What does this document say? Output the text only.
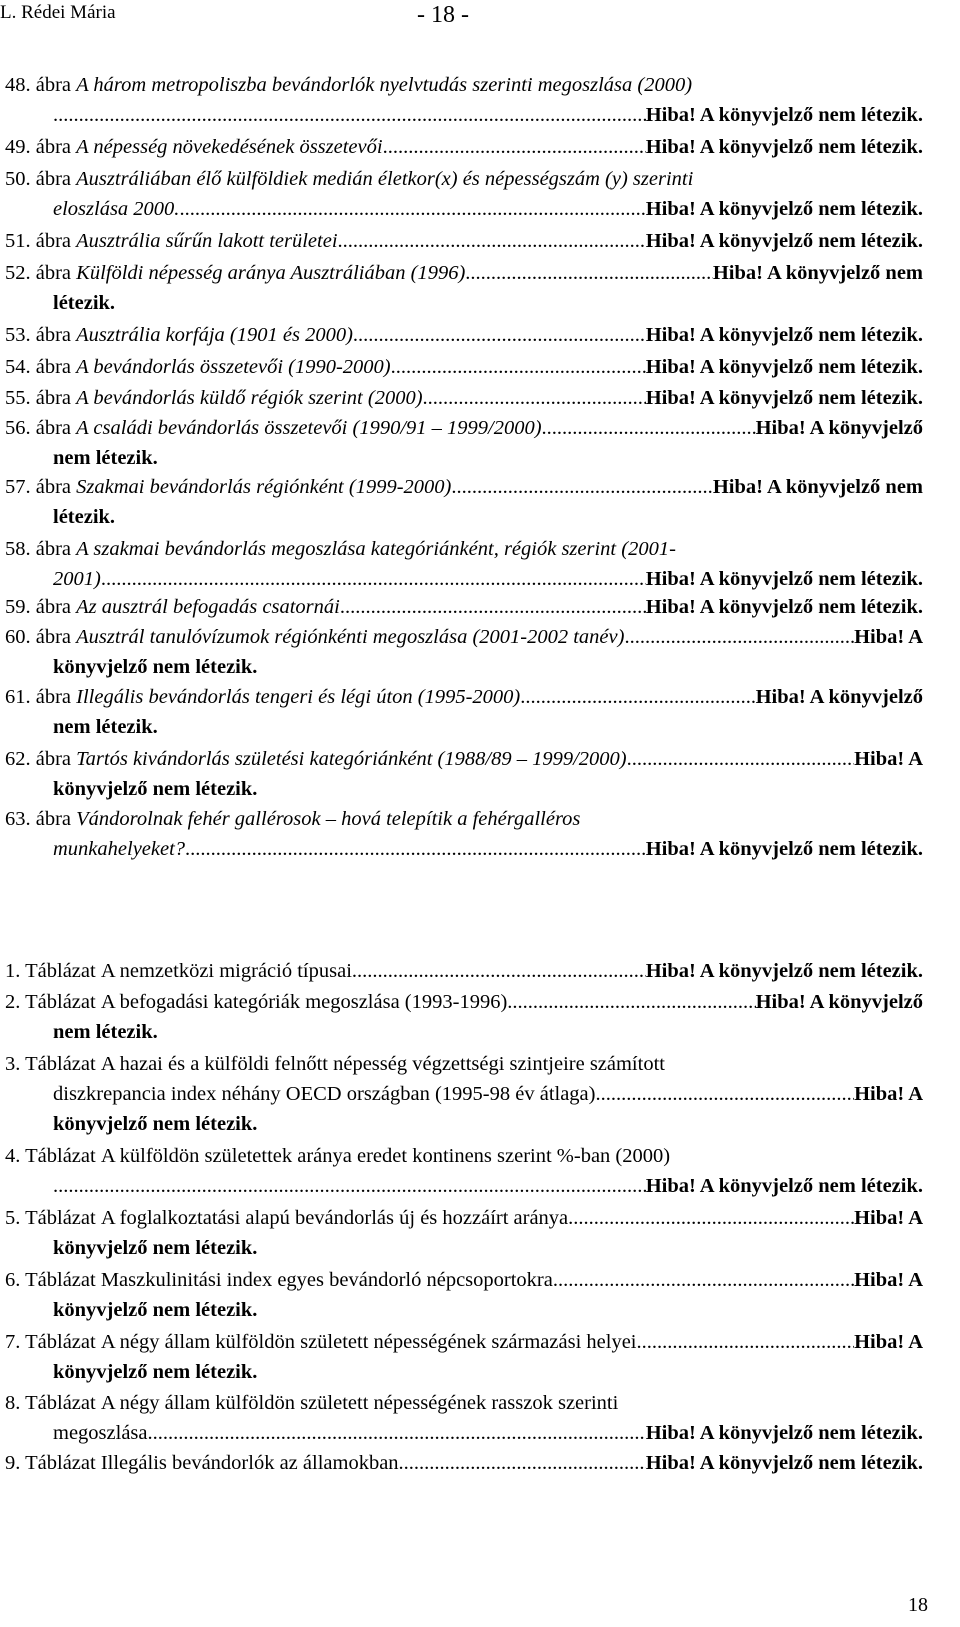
L. Rédei Mária	- 18 -
48. ábra A három metropoliszba bevándorlók nyelvtudás szerinti megoszlása (2000)
.....
Hiba! A könyvjelző nem létezik.
49. ábra
A népesség növekedésének összetevői .....	Hiba! A könyvjelző nem létezik.
50. ábra Ausztráliában élő külföldiek medián életkor(x) és népességszám (y) szerinti
eloszlása 2000. .....	Hiba! A könyvjelző nem létezik.
51. ábra
Ausztrália sűrűn lakott területei .....	Hiba! A könyvjelző nem létezik.
52. ábra
Külföldi népesség aránya Ausztráliában (1996) .....	Hiba! A könyvjelző nem
létezik.
53. ábra
Ausztrália korfája (1901 és 2000) .....	Hiba! A könyvjelző nem létezik.
54. ábra
A bevándorlás összetevői (1990-2000) .....	Hiba! A könyvjelző nem létezik.
55. ábra
A bevándorlás küldő régiók szerint (2000) .....	Hiba! A könyvjelző nem létezik.
56. ábra
A családi bevándorlás összetevői (1990/91 – 1999/2000) .....	Hiba! A könyvjelző
nem létezik.
57. ábra
Szakmai bevándorlás régiónként (1999-2000) .....	Hiba! A könyvjelző nem
létezik.
58. ábra A szakmai bevándorlás megoszlása kategóriánként, régiók szerint (2001-
2001) .....	Hiba! A könyvjelző nem létezik.
59. ábra
Az ausztrál befogadás csatornái .....	Hiba! A könyvjelző nem létezik.
60. ábra
Ausztrál tanulóvízumok régiónkénti megoszlása (2001-2002 tanév) .....	Hiba! A
könyvjelző nem létezik.
61. ábra
Illegális bevándorlás tengeri és légi úton (1995-2000) .....	Hiba! A könyvjelző
nem létezik.
62. ábra
Tartós kivándorlás születési kategóriánként (1988/89 – 1999/2000) .....	Hiba! A
könyvjelző nem létezik.
63. ábra Vándorolnak fehér gallérosok – hová telepítik a fehérgalléros
munkahelyeket? .....	Hiba! A könyvjelző nem létezik.
1. Táblázat
A nemzetközi migráció típusai .....	Hiba! A könyvjelző nem létezik.
2. Táblázat
A befogadási kategóriák megoszlása (1993-1996) .....	Hiba! A könyvjelző
nem létezik.
3. Táblázat A hazai és a külföldi felnőtt népesség végzettségi szintjeire számított
diszkrepancia index néhány OECD országban (1995-98 év átlaga) .....	Hiba! A
könyvjelző nem létezik.
4. Táblázat A külföldön születettek aránya eredet kontinens szerint %-ban (2000)
.....
Hiba! A könyvjelző nem létezik.
5. Táblázat
A foglalkoztatási alapú bevándorlás új és hozzáírt aránya .....	Hiba! A
könyvjelző nem létezik.
6. Táblázat
Maszkulinitási index egyes bevándorló népcsoportokra .....	Hiba! A
könyvjelző nem létezik.
7. Táblázat
A négy állam külföldön született népességének származási helyei. .....	Hiba! A
könyvjelző nem létezik.
8. Táblázat A négy állam külföldön született népességének rasszok szerinti
megoszlása .....	Hiba! A könyvjelző nem létezik.
9. Táblázat
Illegális bevándorlók az államokban .....	Hiba! A könyvjelző nem létezik.
18
